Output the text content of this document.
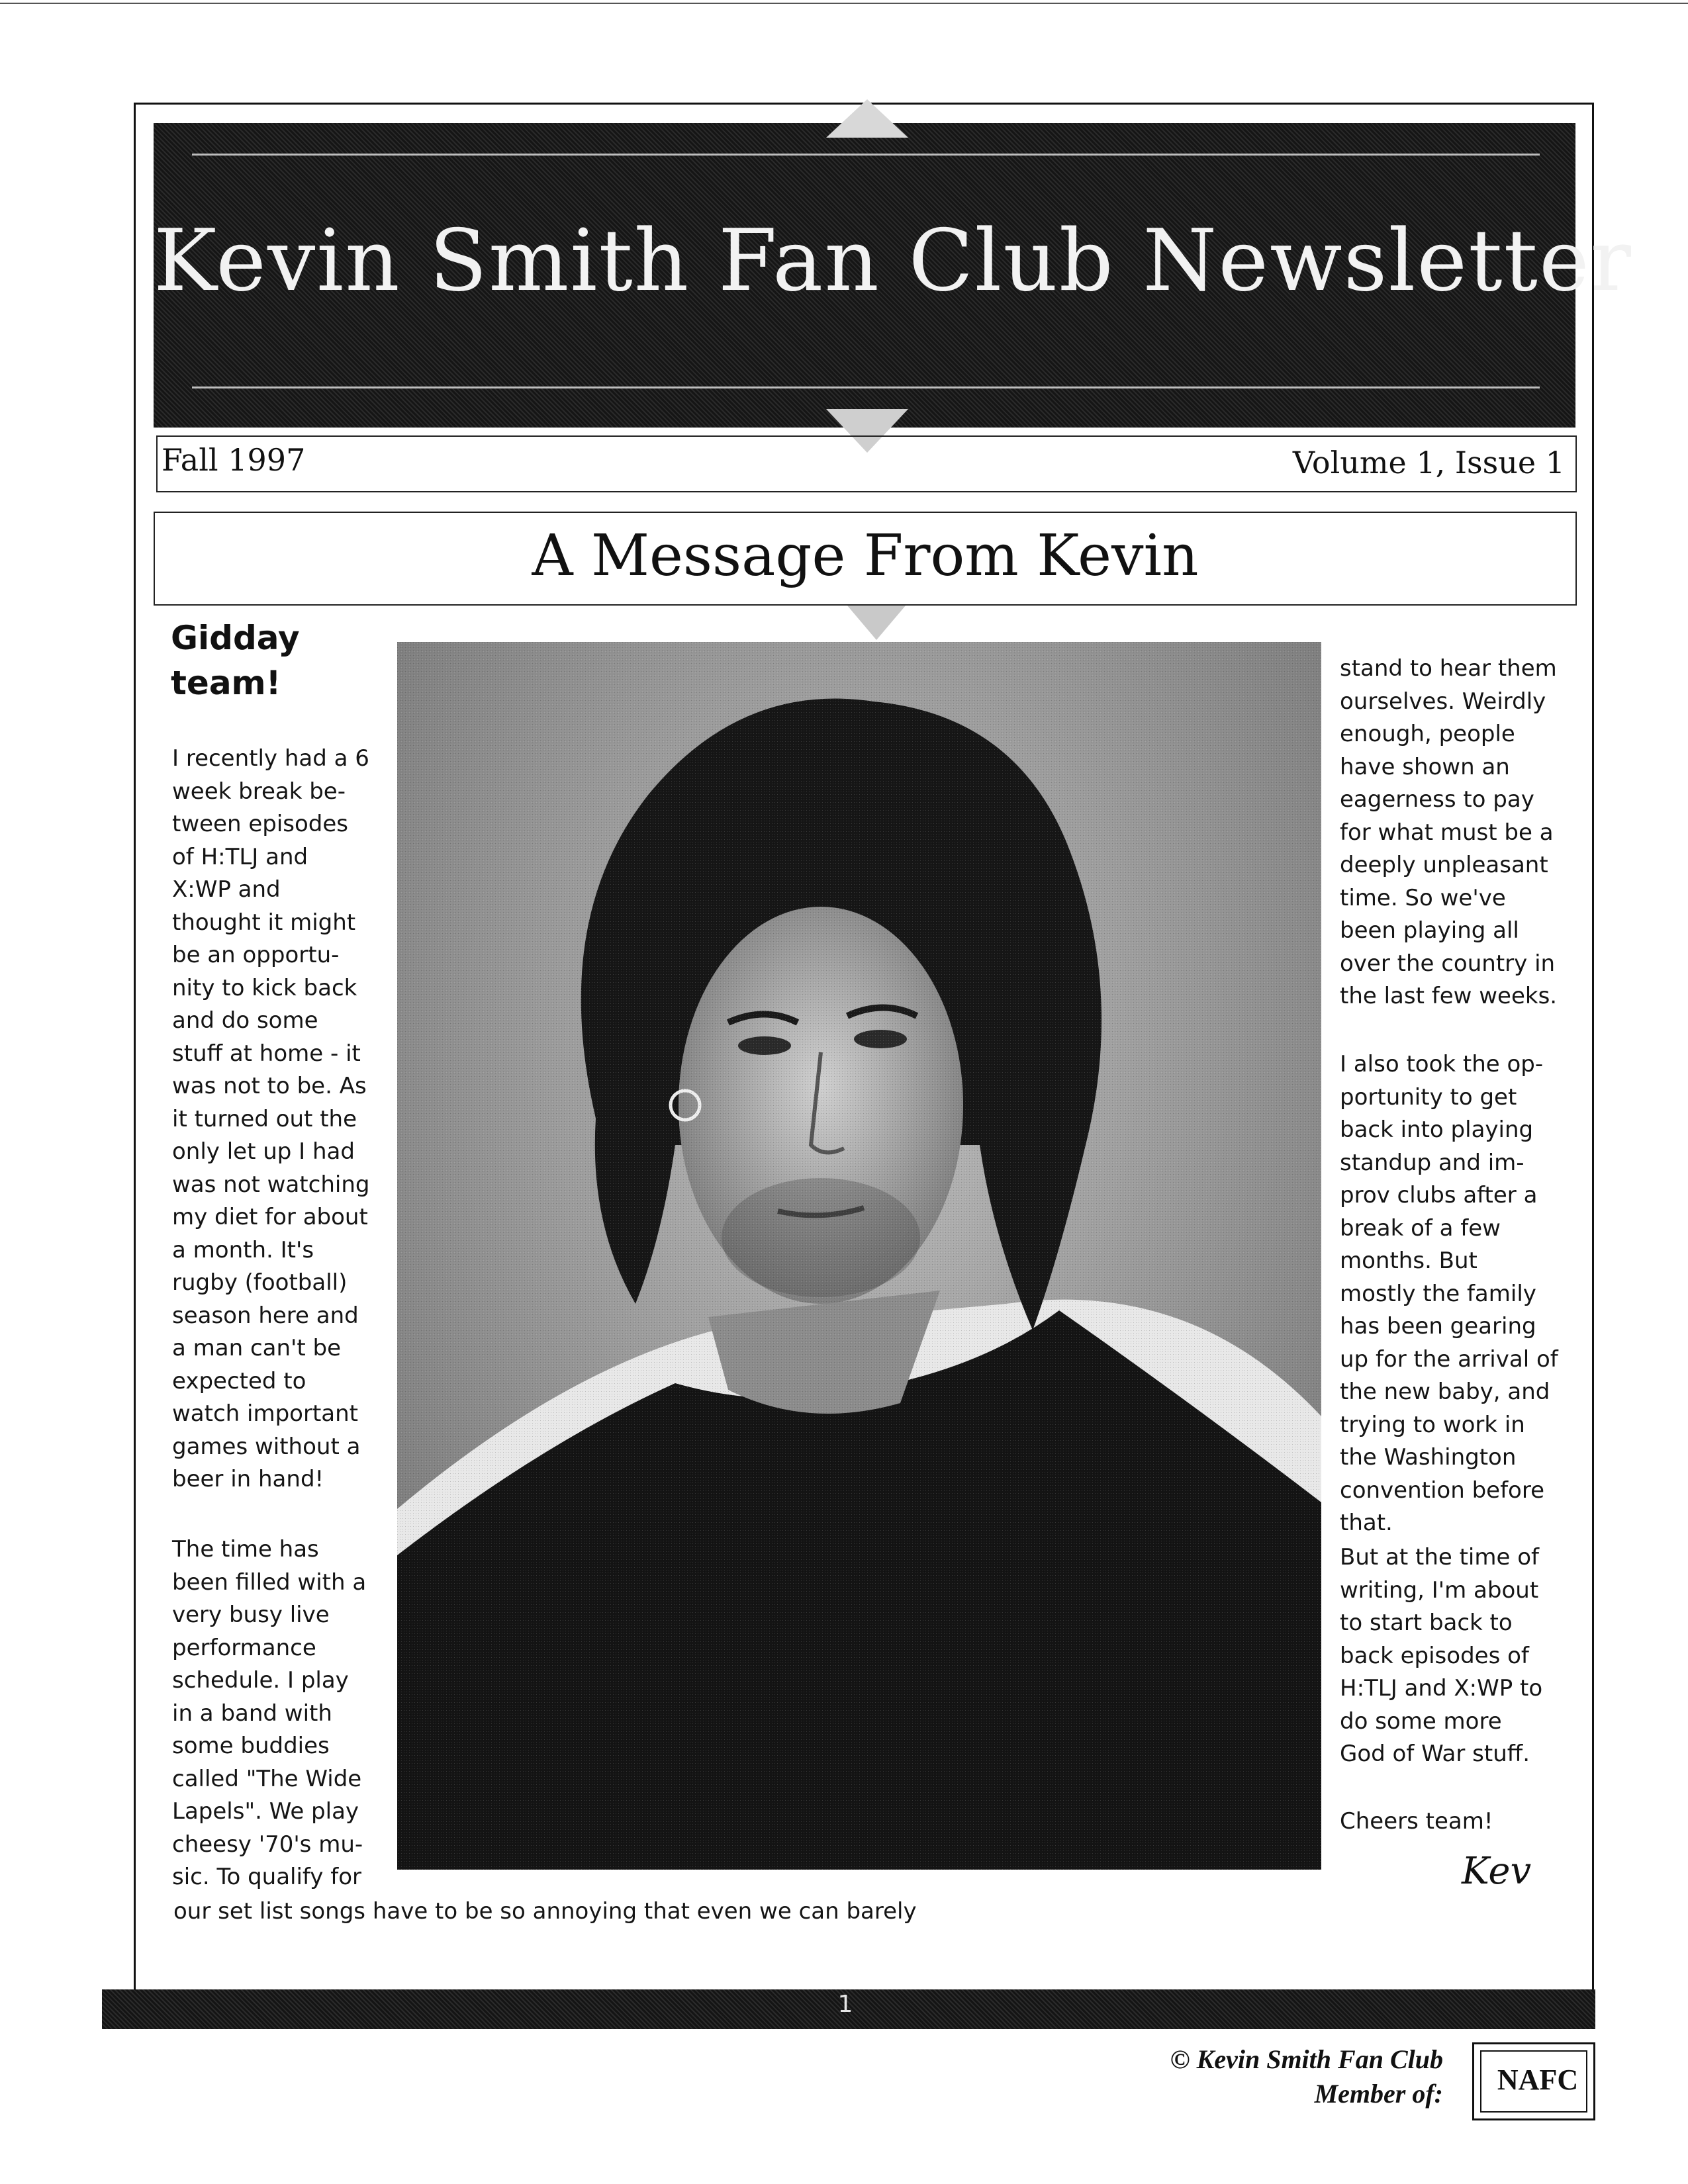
Kevin Smith Fan Club Newsletter
Fall 1997	Volume 1, Issue 1
A Message From Kevin
Gidday team!
I recently had a 6
week break be-
tween episodes
of H:TLJ and
X:WP and
thought it might
be an opportu-
nity to kick back
and do some
stuff at home - it
was not to be. As
it turned out the
only let up I had
was not watching
my diet for about
a month. It's
rugby (football)
season here and
a man can't be
expected to
watch important
games without a
beer in hand!
The time has
been filled with a
very busy live
performance
schedule. I play
in a band with
some buddies
called "The Wide
Lapels". We play
cheesy '70's mu-
sic. To qualify for
our set list songs have to be so annoying that even we can barely
stand to hear them
ourselves. Weirdly
enough, people
have shown an
eagerness to pay
for what must be a
deeply unpleasant
time. So we've
been playing all
over the country in
the last few weeks.
I also took the op-
portunity to get
back into playing
standup and im-
prov clubs after a
break of a few
months. But
mostly the family
has been gearing
up for the arrival of
the new baby, and
trying to work in
the Washington
convention before
that.
But at the time of
writing, I'm about
to start back to
back episodes of
H:TLJ and X:WP to
do some more
God of War stuff.
Cheers team!
Kev
1
© Kevin Smith Fan Club
Member of:	NAFC
